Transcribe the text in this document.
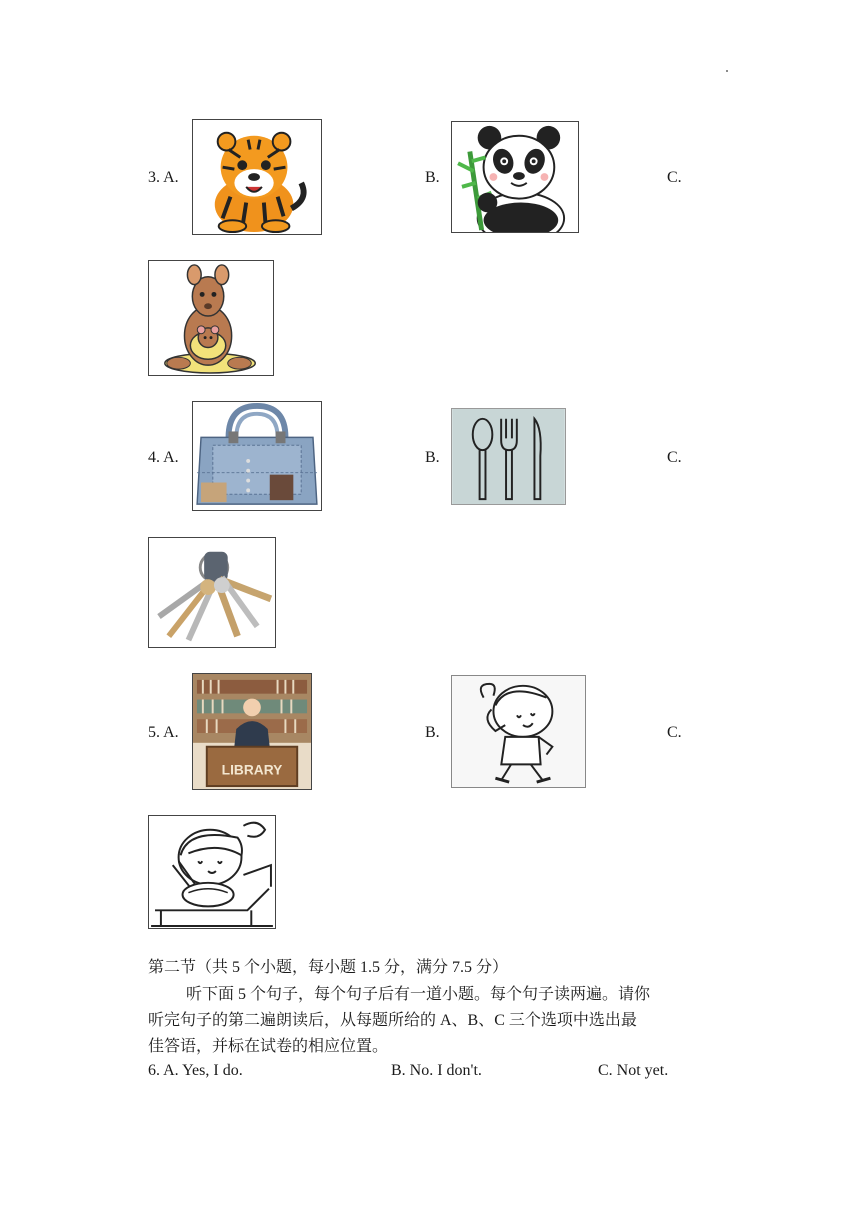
3. A.	B.	C.
4. A.	B.	C.
5. A.
LIBRARY
B.	C.
第二节（共 5 个小题，每小题 1.5 分，满分 7.5 分）
听下面 5 个句子，每个句子后有一道小题。每个句子读两遍。请你
听完句子的第二遍朗读后，从每题所给的 A、B、C 三个选项中选出最
佳答语，并标在试卷的相应位置。
6. A. Yes, I do.	B. No. I don't.	C. Not yet.
